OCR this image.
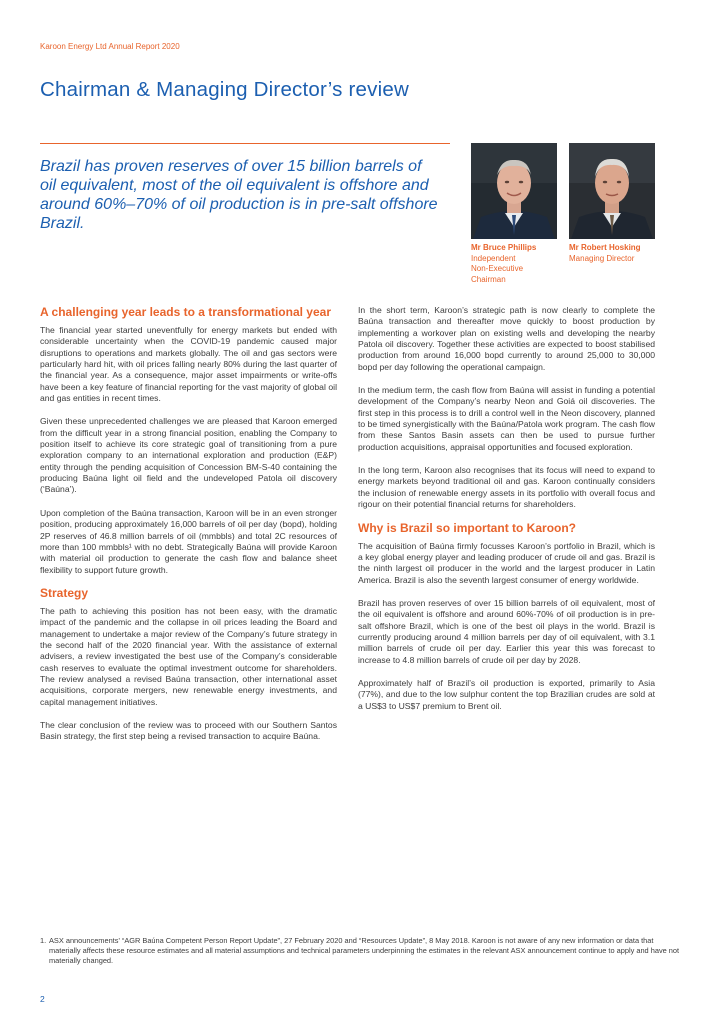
Karoon Energy Ltd Annual Report 2020
Chairman & Managing Director’s review

Brazil has proven reserves of over 15 billion barrels of oil equivalent, most of the oil equivalent is offshore and around 60%–70% of oil production is in pre-salt offshore Brazil.

Mr Bruce Phillips
Independent
Non-Executive
Chairman
Mr Robert Hosking
Managing Director
A challenging year leads to a transformational year

The financial year started uneventfully for energy markets but ended with considerable uncertainty when the COVID-19 pandemic caused major disruptions to operations and markets globally. The oil and gas sectors were particularly hard hit, with oil prices falling nearly 80% during the last quarter of the financial year. As a consequence, major asset impairments or write-offs have been a key feature of financial reporting for the vast majority of global oil and gas entities in recent times.

Given these unprecedented challenges we are pleased that Karoon emerged from the difficult year in a strong financial position, enabling the Company to position itself to achieve its core strategic goal of transitioning from a pure exploration company to an international exploration and production (E&P) entity through the pending acquisition of Concession BM-S-40 containing the producing Baúna light oil field and the undeveloped Patola oil discovery (‘Baúna’).

Upon completion of the Baúna transaction, Karoon will be in an even stronger position, producing approximately 16,000 barrels of oil per day (bopd), holding 2P reserves of 46.8 million barrels of oil (mmbbls) and total 2C resources of more than 100 mmbbls¹ with no debt. Strategically Baúna will provide Karoon with material oil production to generate the cash flow and balance sheet flexibility to support future growth.

Strategy

The path to achieving this position has not been easy, with the dramatic impact of the pandemic and the collapse in oil prices leading the Board and management to undertake a major review of the Company’s future strategy in the second half of the 2020 financial year. With the assistance of external advisers, a review investigated the best use of the Company’s considerable cash reserves to evaluate the optimal investment outcome for shareholders. The review analysed a revised Baúna transaction, other international asset acquisitions, corporate mergers, new renewable energy investments, and capital management initiatives.

The clear conclusion of the review was to proceed with our Southern Santos Basin strategy, the first step being a revised transaction to acquire Baúna.

In the short term, Karoon’s strategic path is now clearly to complete the Baúna transaction and thereafter move quickly to boost production by implementing a workover plan on existing wells and developing the nearby Patola oil discovery. Together these activities are expected to boost stabilised production from around 16,000 bopd currently to around 25,000 to 30,000 bopd per day following the operational campaign.

In the medium term, the cash flow from Baúna will assist in funding a potential development of the Company’s nearby Neon and Goiá oil discoveries. The first step in this process is to drill a control well in the Neon discovery, planned to be timed synergistically with the Baúna/Patola work program. The cash flow from these Santos Basin assets can then be used to pursue further production acquisitions, appraisal opportunities and focused exploration.

In the long term, Karoon also recognises that its focus will need to expand to energy markets beyond traditional oil and gas. Karoon continually considers the inclusion of renewable energy assets in its portfolio with overall focus and rigour on their potential financial returns for shareholders.

Why is Brazil so important to Karoon?

The acquisition of Baúna firmly focusses Karoon’s portfolio in Brazil, which is a key global energy player and leading producer of crude oil and gas. Brazil is the ninth largest oil producer in the world and the largest producer in Latin America. Brazil is also the seventh largest consumer of energy worldwide.

Brazil has proven reserves of over 15 billion barrels of oil equivalent, most of the oil equivalent is offshore and around 60%-70% of oil production is in pre-salt offshore Brazil, which is one of the best oil plays in the world. Brazil is currently producing around 4 million barrels per day of oil equivalent, with 3.1 million barrels of crude oil per day. Earlier this year this was forecast to increase to 4.8 million barrels of crude oil per day by 2028.

Approximately half of Brazil’s oil production is exported, primarily to Asia (77%), and due to the low sulphur content the top Brazilian crudes are sold at a US$3 to US$7 premium to Brent oil.

1. ASX announcements’ “AGR Baúna Competent Person Report Update”, 27 February 2020 and “Resources Update”, 8 May 2018. Karoon is not aware of any new information or data that materially affects these resource estimates and all material assumptions and technical parameters underpinning the estimates in the relevant ASX announcement continue to apply and have not materially changed.
2
